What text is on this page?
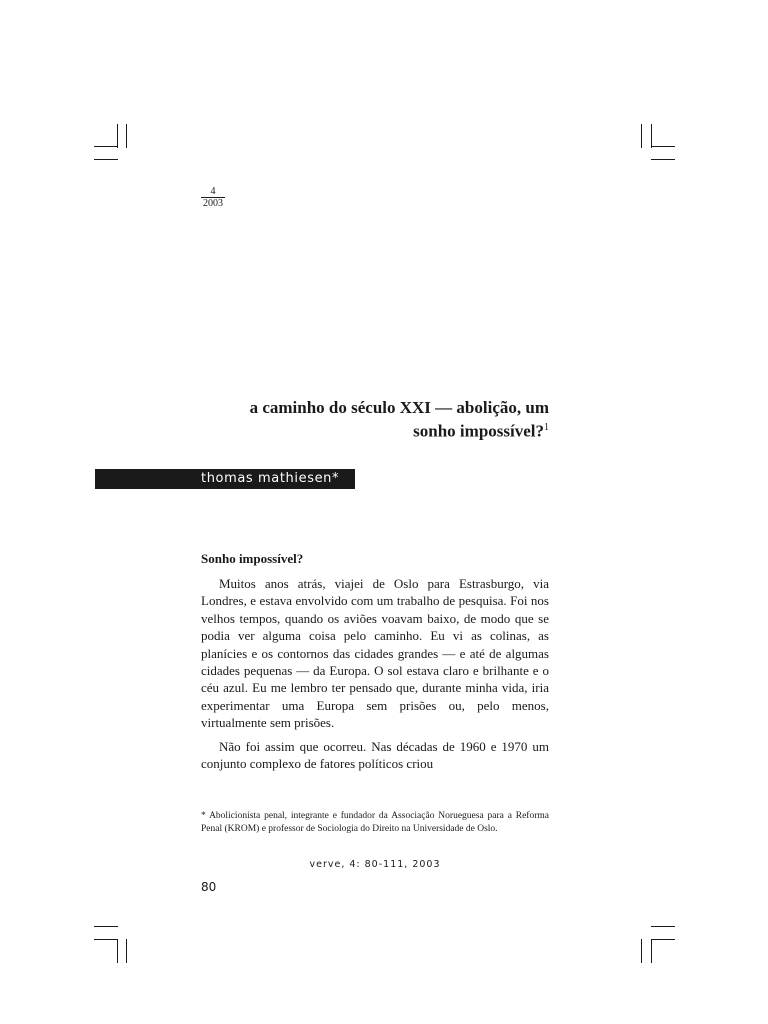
4
2003
a caminho do século XXI — abolição, um
sonho impossível?$^1$
thomas mathiesen*
Sonho impossível?

Muitos anos atrás, viajei de Oslo para Estrasburgo, via Londres, e estava envolvido com um trabalho de pesquisa. Foi nos velhos tempos, quando os aviões voavam baixo, de modo que se podia ver alguma coisa pelo caminho. Eu vi as colinas, as planícies e os contornos das cidades grandes — e até de algumas cidades pequenas — da Europa. O sol estava claro e brilhante e o céu azul. Eu me lembro ter pensado que, durante minha vida, iria experimentar uma Europa sem prisões ou, pelo menos, virtualmente sem prisões.

Não foi assim que ocorreu. Nas décadas de 1960 e 1970 um conjunto complexo de fatores políticos criou

* Abolicionista penal, integrante e fundador da Associação Norueguesa para a Reforma Penal (KROM) e professor de Sociologia do Direito na Universidade de Oslo.
verve, 4: 80-111, 2003
80
